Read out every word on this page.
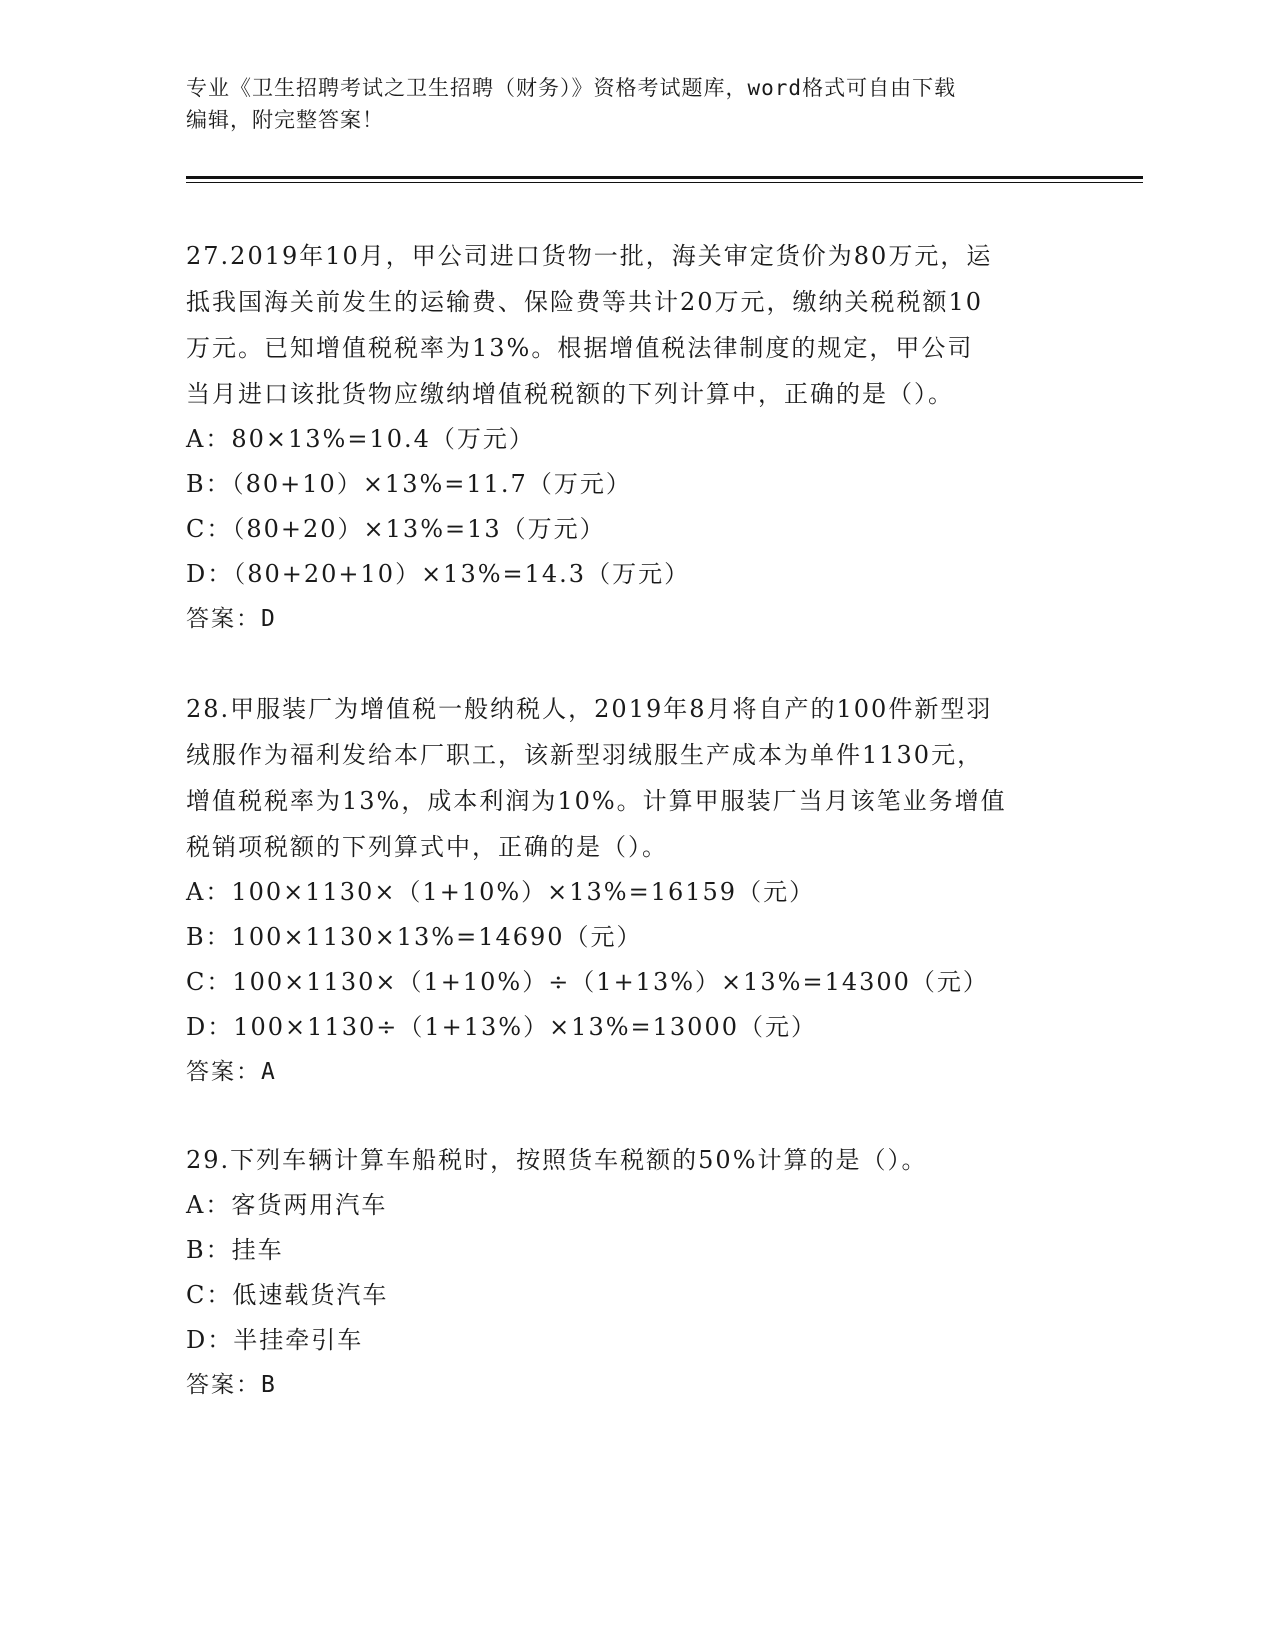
专业《卫生招聘考试之卫生招聘（财务）》资格考试题库，word格式可自由下载
编辑，附完整答案！
27.2019年10月，甲公司进口货物一批，海关审定货价为80万元，运
抵我国海关前发生的运输费、保险费等共计20万元，缴纳关税税额10
万元。已知增值税税率为13%。根据增值税法律制度的规定，甲公司
当月进口该批货物应缴纳增值税税额的下列计算中，正确的是（）。
A：80×13%=10.4（万元）
B：（80+10）×13%=11.7（万元）
C：（80+20）×13%=13（万元）
D：（80+20+10）×13%=14.3（万元）
答案：D
28.甲服装厂为增值税一般纳税人，2019年8月将自产的100件新型羽
绒服作为福利发给本厂职工，该新型羽绒服生产成本为单件1130元，
增值税税率为13%，成本利润为10%。计算甲服装厂当月该笔业务增值
税销项税额的下列算式中，正确的是（）。
A：100×1130×（1+10%）×13%=16159（元）
B：100×1130×13%=14690（元）
C：100×1130×（1+10%）÷（1+13%）×13%=14300（元）
D：100×1130÷（1+13%）×13%=13000（元）
答案：A
29.下列车辆计算车船税时，按照货车税额的50%计算的是（）。
A：客货两用汽车
B：挂车
C：低速载货汽车
D：半挂牵引车
答案：B
